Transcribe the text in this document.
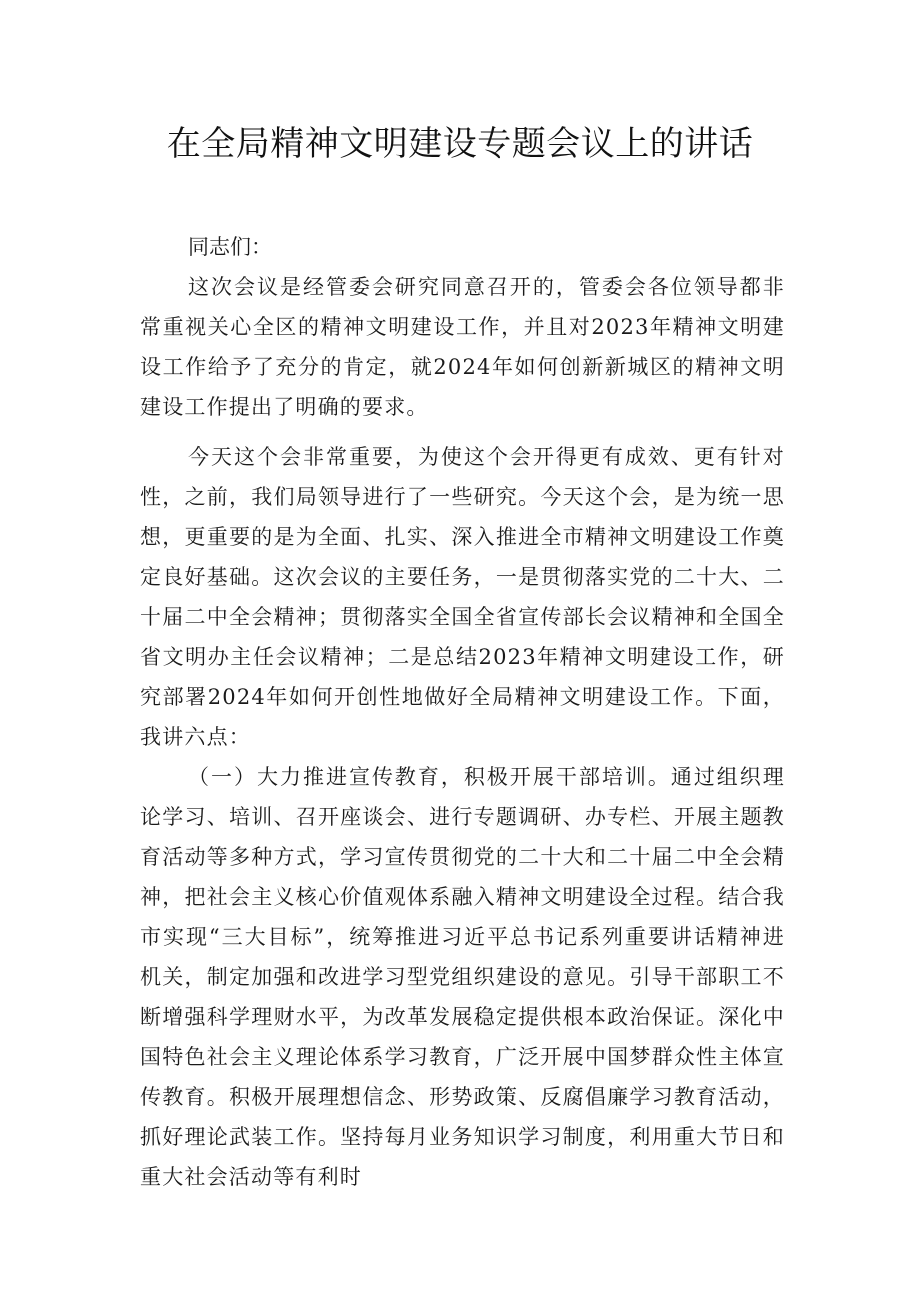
在全局精神文明建设专题会议上的讲话

同志们：

这次会议是经管委会研究同意召开的，管委会各位领导都非常重视关心全区的精神文明建设工作，并且对2023年精神文明建设工作给予了充分的肯定，就2024年如何创新新城区的精神文明建设工作提出了明确的要求。

今天这个会非常重要，为使这个会开得更有成效、更有针对性，之前，我们局领导进行了一些研究。今天这个会，是为统一思想，更重要的是为全面、扎实、深入推进全市精神文明建设工作奠定良好基础。这次会议的主要任务，一是贯彻落实党的二十大、二十届二中全会精神；贯彻落实全国全省宣传部长会议精神和全国全省文明办主任会议精神；二是总结2023年精神文明建设工作，研究部署2024年如何开创性地做好全局精神文明建设工作。下面，我讲六点：

（一）大力推进宣传教育，积极开展干部培训。通过组织理论学习、培训、召开座谈会、进行专题调研、办专栏、开展主题教育活动等多种方式，学习宣传贯彻党的二十大和二十届二中全会精神，把社会主义核心价值观体系融入精神文明建设全过程。结合我市实现“三大目标”，统筹推进习近平总书记系列重要讲话精神进机关，制定加强和改进学习型党组织建设的意见。引导干部职工不断增强科学理财水平，为改革发展稳定提供根本政治保证。深化中国特色社会主义理论体系学习教育，广泛开展中国梦群众性主体宣传教育。积极开展理想信念、形势政策、反腐倡廉学习教育活动，抓好理论武装工作。坚持每月业务知识学习制度，利用重大节日和重大社会活动等有利时
